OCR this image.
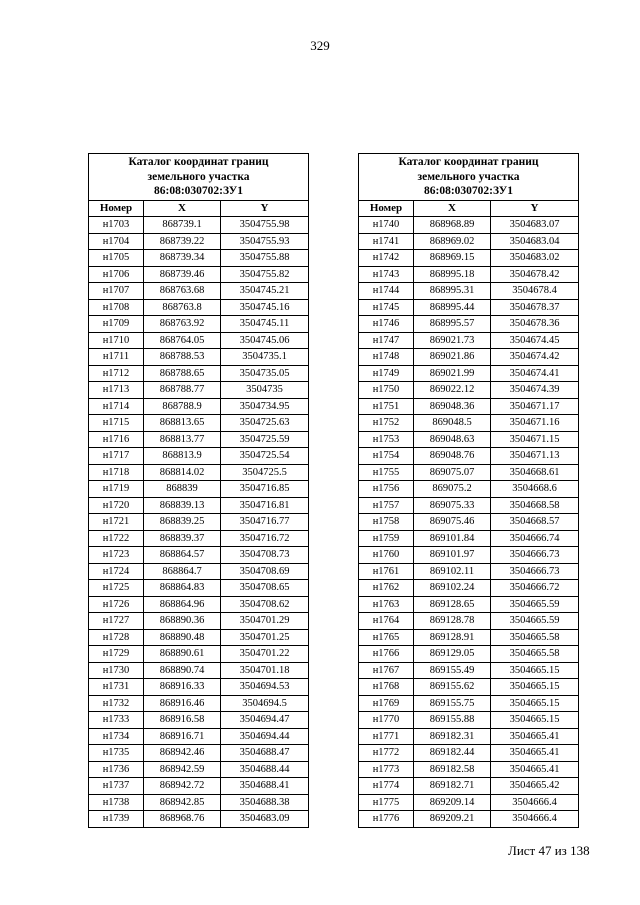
329
Каталог координат границ
земельного участка
86:08:030702:ЗУ1		

Номер	X	Y
н1703	868739.1	3504755.98
н1704	868739.22	3504755.93
н1705	868739.34	3504755.88
н1706	868739.46	3504755.82
н1707	868763.68	3504745.21
н1708	868763.8	3504745.16
н1709	868763.92	3504745.11
н1710	868764.05	3504745.06
н1711	868788.53	3504735.1
н1712	868788.65	3504735.05
н1713	868788.77	3504735
н1714	868788.9	3504734.95
н1715	868813.65	3504725.63
н1716	868813.77	3504725.59
н1717	868813.9	3504725.54
н1718	868814.02	3504725.5
н1719	868839	3504716.85
н1720	868839.13	3504716.81
н1721	868839.25	3504716.77
н1722	868839.37	3504716.72
н1723	868864.57	3504708.73
н1724	868864.7	3504708.69
н1725	868864.83	3504708.65
н1726	868864.96	3504708.62
н1727	868890.36	3504701.29
н1728	868890.48	3504701.25
н1729	868890.61	3504701.22
н1730	868890.74	3504701.18
н1731	868916.33	3504694.53
н1732	868916.46	3504694.5
н1733	868916.58	3504694.47
н1734	868916.71	3504694.44
н1735	868942.46	3504688.47
н1736	868942.59	3504688.44
н1737	868942.72	3504688.41
н1738	868942.85	3504688.38
н1739	868968.76	3504683.09
Каталог координат границ
земельного участка
86:08:030702:ЗУ1		

Номер	X	Y
н1740	868968.89	3504683.07
н1741	868969.02	3504683.04
н1742	868969.15	3504683.02
н1743	868995.18	3504678.42
н1744	868995.31	3504678.4
н1745	868995.44	3504678.37
н1746	868995.57	3504678.36
н1747	869021.73	3504674.45
н1748	869021.86	3504674.42
н1749	869021.99	3504674.41
н1750	869022.12	3504674.39
н1751	869048.36	3504671.17
н1752	869048.5	3504671.16
н1753	869048.63	3504671.15
н1754	869048.76	3504671.13
н1755	869075.07	3504668.61
н1756	869075.2	3504668.6
н1757	869075.33	3504668.58
н1758	869075.46	3504668.57
н1759	869101.84	3504666.74
н1760	869101.97	3504666.73
н1761	869102.11	3504666.73
н1762	869102.24	3504666.72
н1763	869128.65	3504665.59
н1764	869128.78	3504665.59
н1765	869128.91	3504665.58
н1766	869129.05	3504665.58
н1767	869155.49	3504665.15
н1768	869155.62	3504665.15
н1769	869155.75	3504665.15
н1770	869155.88	3504665.15
н1771	869182.31	3504665.41
н1772	869182.44	3504665.41
н1773	869182.58	3504665.41
н1774	869182.71	3504665.42
н1775	869209.14	3504666.4
н1776	869209.21	3504666.4
Лист 47 из 138
